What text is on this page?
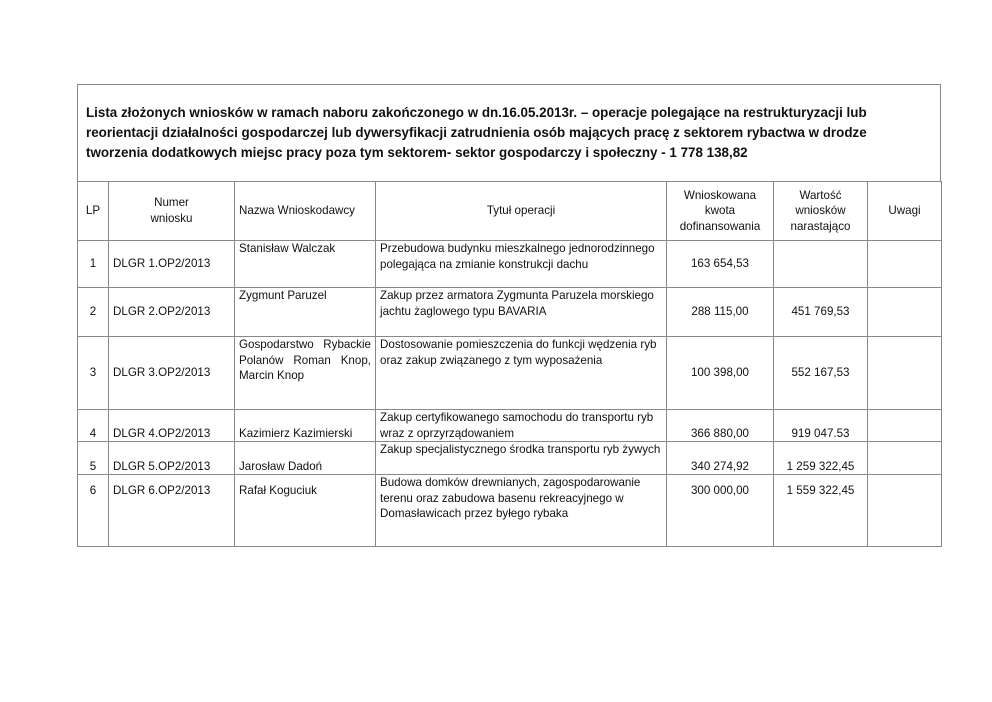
Lista złożonych wniosków w ramach naboru zakończonego w dn.16.05.2013r. – operacje polegające na restrukturyzacji lub reorientacji działalności gospodarczej lub dywersyfikacji zatrudnienia osób mających pracę z sektorem rybactwa w drodze tworzenia dodatkowych miejsc pracy poza tym sektorem- sektor gospodarczy i społeczny - 1 778 138,82
LP	Numer wniosku	Nazwa Wnioskodawcy	Tytuł operacji	Wnioskowana kwota dofinansowania	Wartość wniosków narastająco	Uwagi
1	DLGR 1.OP2/2013	Stanisław Walczak	Przebudowa budynku mieszkalnego jednorodzinnego polegająca na zmianie konstrukcji dachu	163 654,53		
2	DLGR 2.OP2/2013	Zygmunt Paruzel	Zakup przez armatora Zygmunta Paruzela morskiego jachtu żaglowego typu BAVARIA	288 115,00	451 769,53	
3	DLGR 3.OP2/2013	Gospodarstwo Rybackie Polanów Roman Knop, Marcin Knop	Dostosowanie pomieszczenia do funkcji wędzenia ryb oraz zakup związanego z tym wyposażenia	100 398,00	552 167,53	
4	DLGR 4.OP2/2013	Kazimierz Kazimierski	Zakup certyfikowanego samochodu do transportu ryb wraz z oprzyrządowaniem	366 880,00	919 047.53	
5	DLGR 5.OP2/2013	Jarosław Dadoń	Zakup specjalistycznego środka transportu ryb żywych	340 274,92	1 259 322,45	
6	DLGR 6.OP2/2013	Rafał Koguciuk	Budowa domków drewnianych, zagospodarowanie terenu oraz zabudowa basenu rekreacyjnego w Domasławicach przez byłego rybaka	300 000,00	1 559 322,45	
